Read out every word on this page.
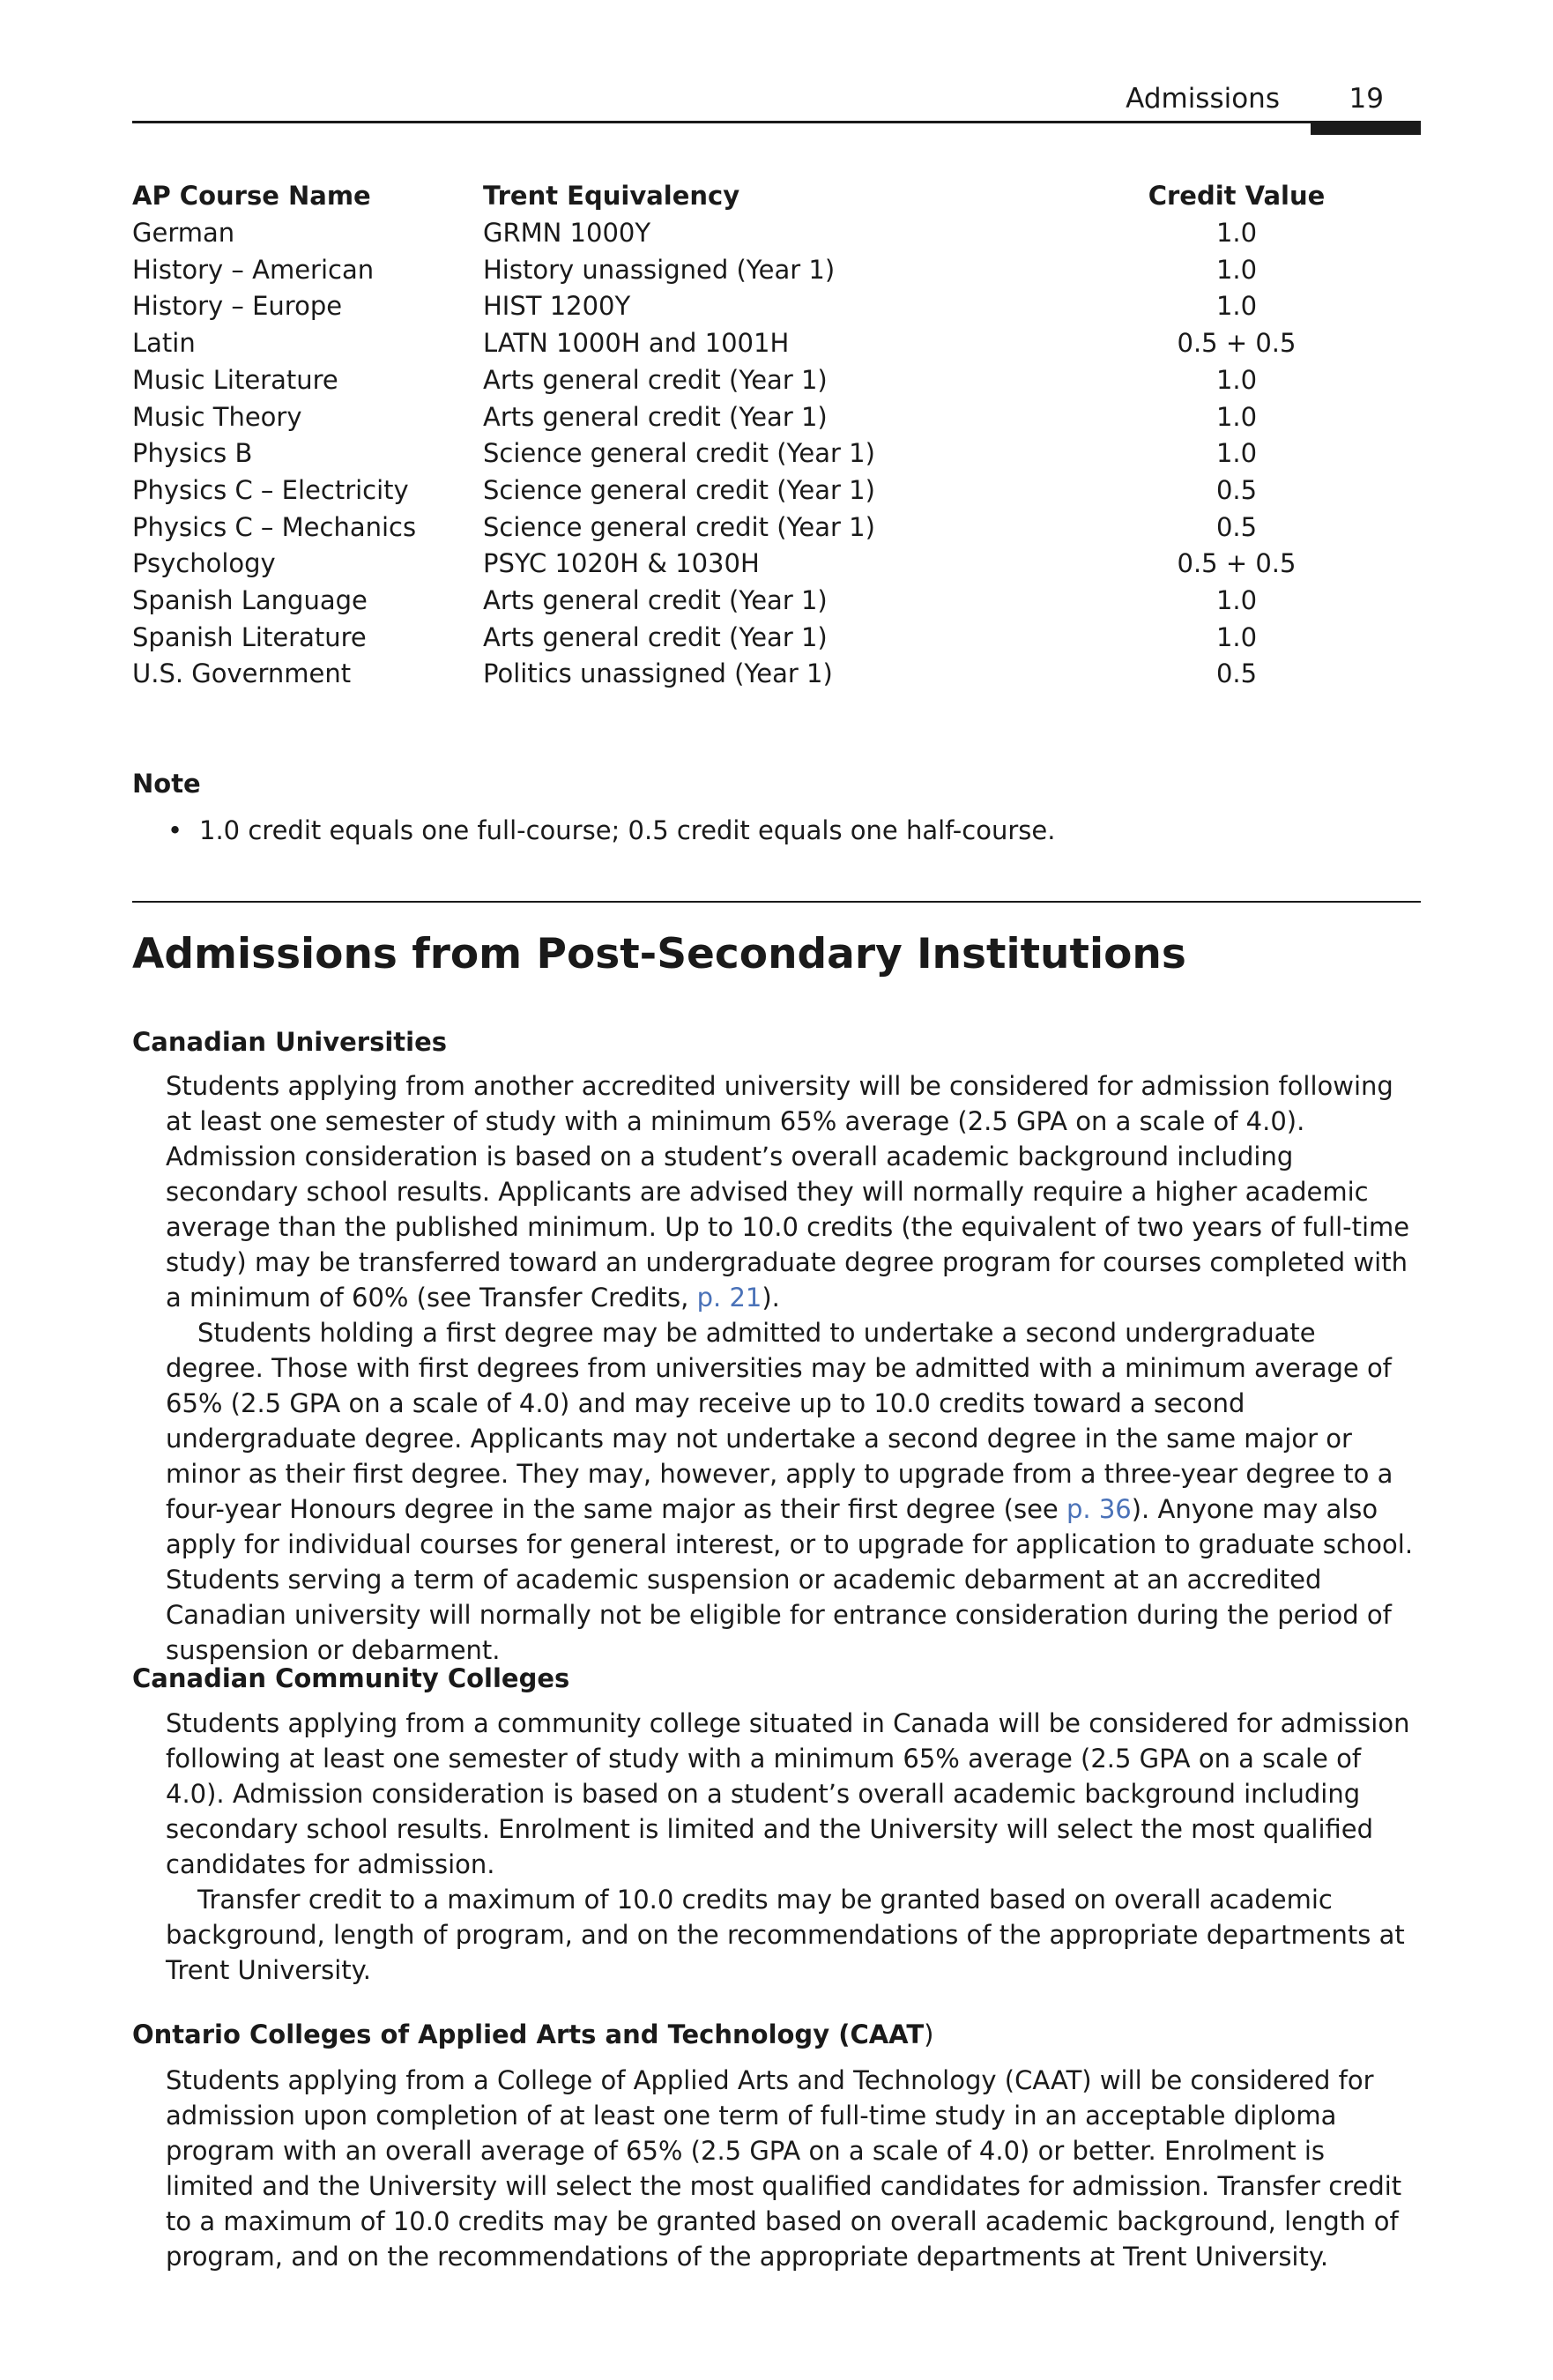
Admissions	19
AP Course Name	Trent Equivalency	Credit Value
German	GRMN 1000Y	1.0
History – American	History unassigned (Year 1)	1.0
History – Europe	HIST 1200Y	1.0
Latin	LATN 1000H and 1001H	0.5 + 0.5
Music Literature	Arts general credit (Year 1)	1.0
Music Theory	Arts general credit (Year 1)	1.0
Physics B	Science general credit (Year 1)	1.0
Physics C – Electricity	Science general credit (Year 1)	0.5
Physics C – Mechanics	Science general credit (Year 1)	0.5
Psychology	PSYC 1020H & 1030H	0.5 + 0.5
Spanish Language	Arts general credit (Year 1)	1.0
Spanish Literature	Arts general credit (Year 1)	1.0
U.S. Government	Politics unassigned (Year 1)	0.5
Note
• 1.0 credit equals one full-course; 0.5 credit equals one half-course.
Admissions from Post-Secondary Institutions
Canadian Universities

Students applying from another accredited university will be considered for admission following at least one semester of study with a minimum 65% average (2.5 GPA on a scale of 4.0). Admission consideration is based on a student’s overall academic background including secondary school results. Applicants are advised they will normally require a higher academic average than the published minimum. Up to 10.0 credits (the equivalent of two years of full-time study) may be transferred toward an undergraduate degree program for courses completed with a minimum of 60% (see Transfer Credits, p. 21).

Students holding a first degree may be admitted to undertake a second undergraduate degree. Those with first degrees from universities may be admitted with a minimum average of 65% (2.5 GPA on a scale of 4.0) and may receive up to 10.0 credits toward a second undergraduate degree. Applicants may not undertake a second degree in the same major or minor as their first degree. They may, however, apply to upgrade from a three-year degree to a four-year Honours degree in the same major as their first degree (see p. 36). Anyone may also apply for individual courses for general interest, or to upgrade for application to graduate school. Students serving a term of academic suspension or academic debarment at an accredited Canadian university will normally not be eligible for entrance consideration during the period of suspension or debarment.

Canadian Community Colleges

Students applying from a community college situated in Canada will be considered for admission following at least one semester of study with a minimum 65% average (2.5 GPA on a scale of 4.0). Admission consideration is based on a student’s overall academic background including secondary school results. Enrolment is limited and the University will select the most qualified candidates for admission.

Transfer credit to a maximum of 10.0 credits may be granted based on overall academic background, length of program, and on the recommendations of the appropriate departments at Trent University.

Ontario Colleges of Applied Arts and Technology (CAAT)

Students applying from a College of Applied Arts and Technology (CAAT) will be considered for admission upon completion of at least one term of full-time study in an acceptable diploma program with an overall average of 65% (2.5 GPA on a scale of 4.0) or better. Enrolment is limited and the University will select the most qualified candidates for admission. Transfer credit to a maximum of 10.0 credits may be granted based on overall academic background, length of program, and on the recommendations of the appropriate departments at Trent University.
